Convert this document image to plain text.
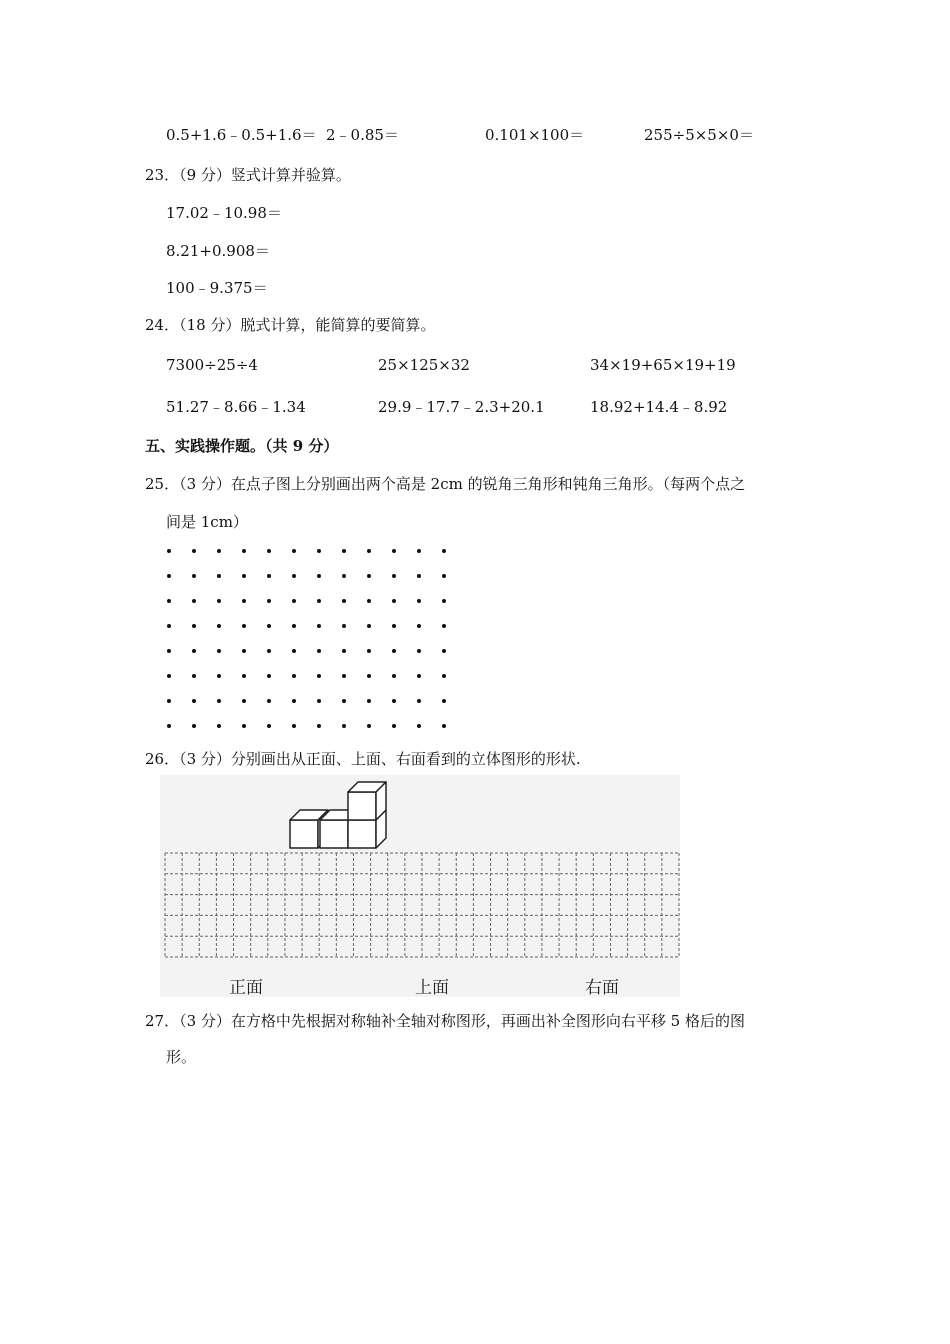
0.5+1.6﹣0.5+1.6＝ 2﹣0.85＝	0.101×100＝	255÷5×5×0＝
23．（9 分）竖式计算并验算。
17.02﹣10.98＝
8.21+0.908＝
100﹣9.375＝
24．（18 分）脱式计算，能简算的要简算。
7300÷25÷4	25×125×32	34×19+65×19+19
51.27﹣8.66﹣1.34	29.9﹣17.7﹣2.3+20.1	18.92+14.4﹣8.92
五、实践操作题。（共 9 分）
25．（3 分）在点子图上分别画出两个高是 2cm 的锐角三角形和钝角三角形。（每两个点之
间是 1cm）
26．（3 分）分别画出从正面、上面、右面看到的立体图形的形状.
正面	上面	右面
27．（3 分）在方格中先根据对称轴补全轴对称图形，再画出补全图形向右平移 5 格后的图
形。
